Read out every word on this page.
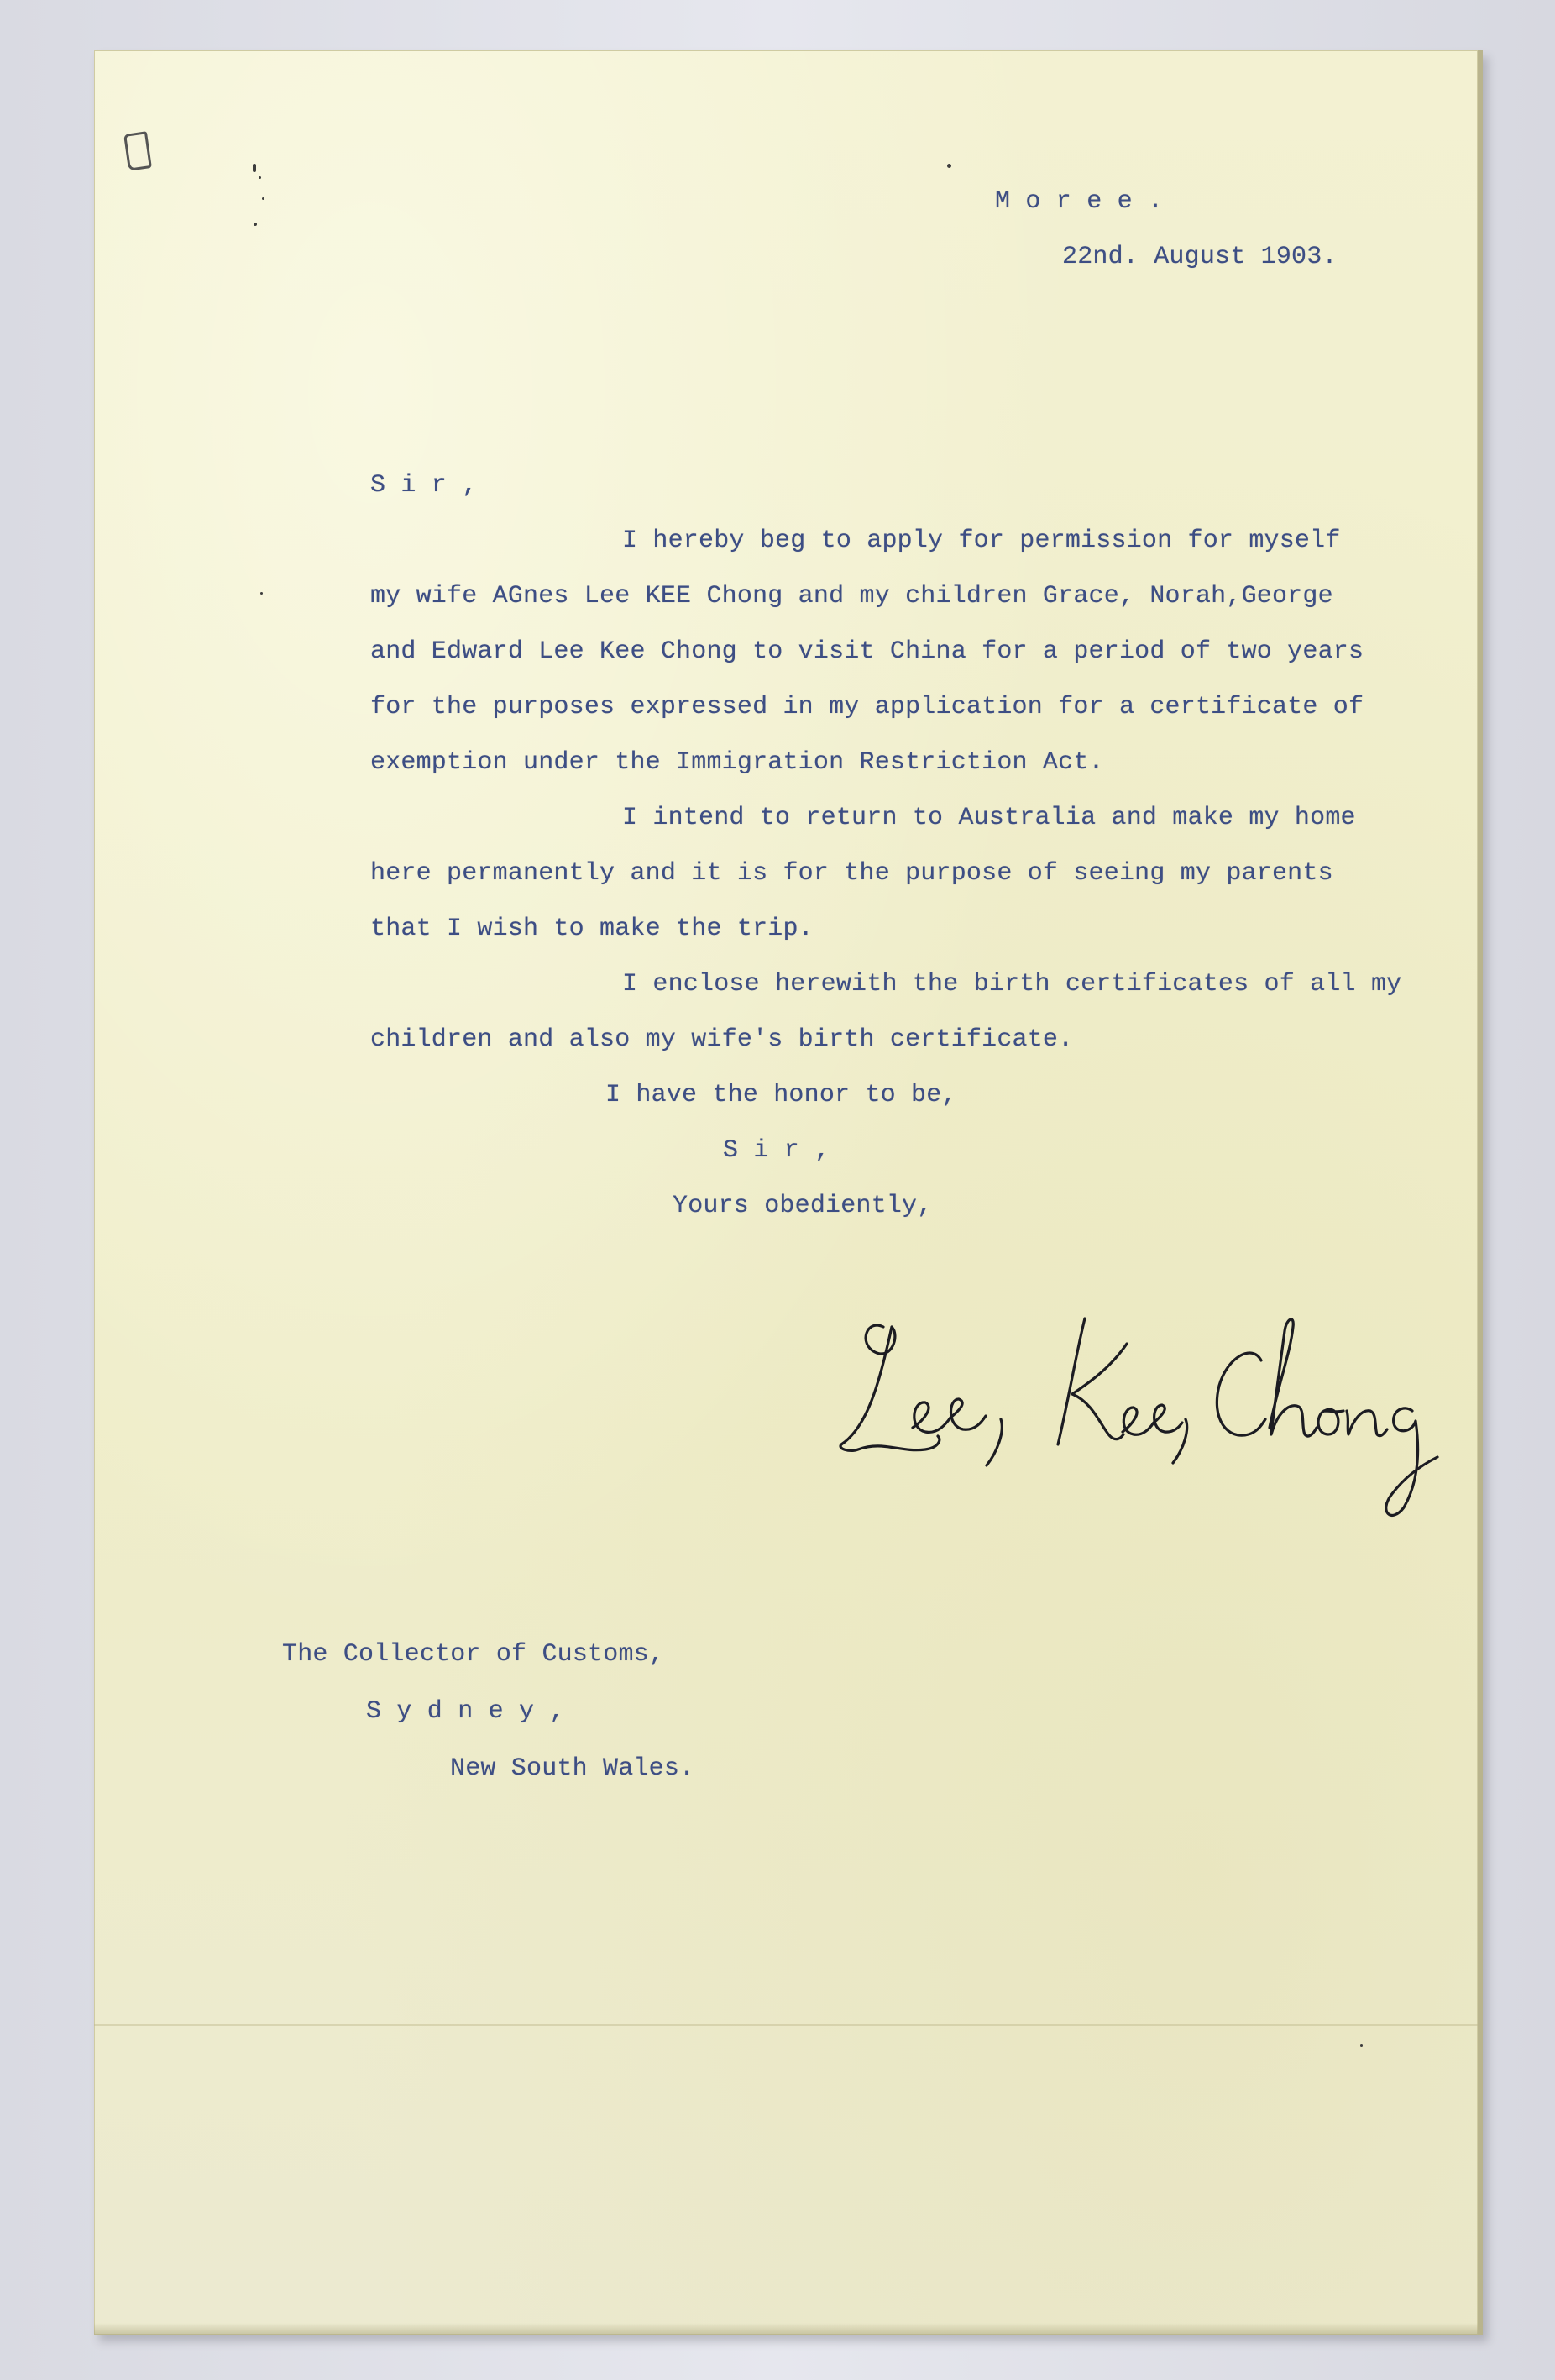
M o r e e .
22nd. August 1903.
S i r ,
I hereby beg to apply for permission for myself
my wife AGnes Lee KEE Chong and my children Grace, Norah,George
and Edward Lee Kee Chong to visit China for a period of two years
for the purposes expressed in my application for a certificate of
exemption under the Immigration Restriction Act.
I intend to return to Australia and make my home
here permanently and it is for the purpose of seeing my parents
that I wish to make the trip.
I enclose herewith the birth certificates of all my
children and also my wife's birth certificate.
I have the honor to be,
S i r ,
Yours obediently,
The Collector of Customs,
S y d n e y ,
New South Wales.
